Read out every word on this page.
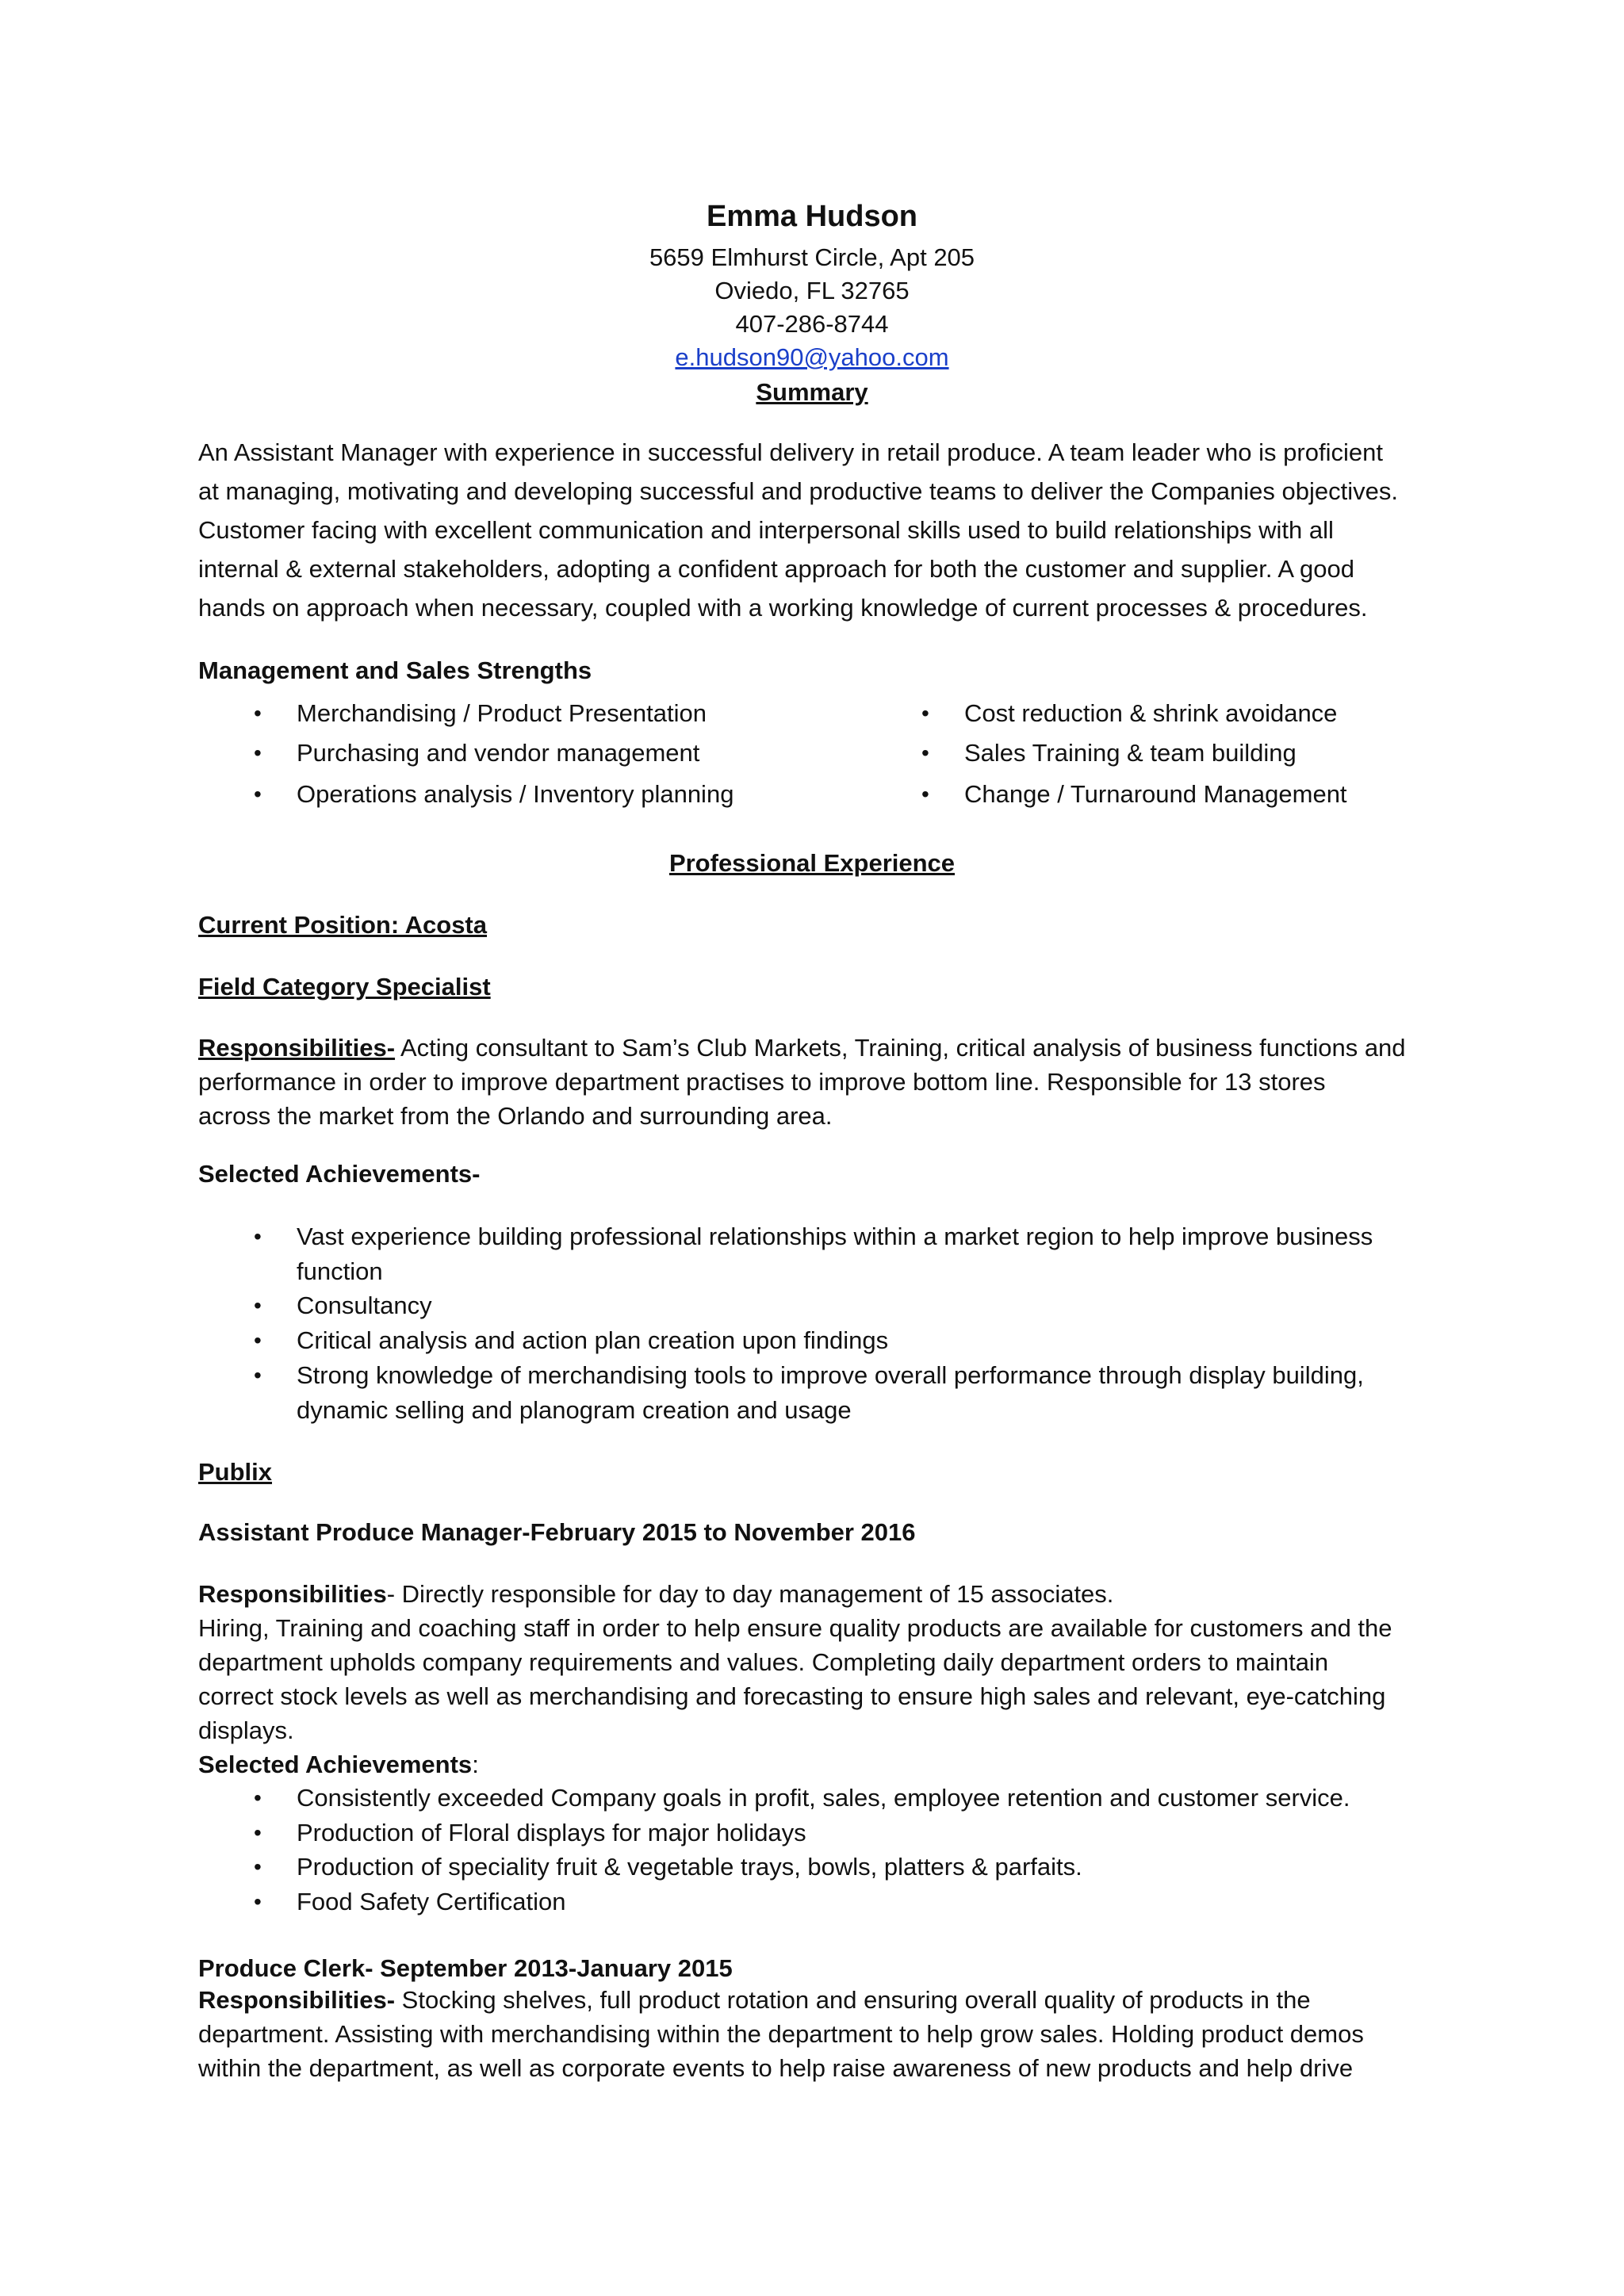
Emma Hudson
5659 Elmhurst Circle, Apt 205
Oviedo, FL 32765
407-286-8744
e.hudson90@yahoo.com
Summary
An Assistant Manager with experience in successful delivery in retail produce. A team leader who is proficient
at managing, motivating and developing successful and productive teams to deliver the Companies objectives.
Customer facing with excellent communication and interpersonal skills used to build relationships with all
internal & external stakeholders, adopting a confident approach for both the customer and supplier. A good
hands on approach when necessary, coupled with a working knowledge of current processes & procedures.
Management and Sales Strengths
• Merchandising / Product Presentation
• Purchasing and vendor management
• Operations analysis / Inventory planning
• Cost reduction & shrink avoidance
• Sales Training & team building
• Change / Turnaround Management
Professional Experience
Current Position: Acosta
Field Category Specialist
Responsibilities- Acting consultant to Sam’s Club Markets, Training, critical analysis of business functions and
performance in order to improve department practises to improve bottom line. Responsible for 13 stores
across the market from the Orlando and surrounding area.
Selected Achievements-
• Vast experience building professional relationships within a market region to help improve business
function
• Consultancy
• Critical analysis and action plan creation upon findings
• Strong knowledge of merchandising tools to improve overall performance through display building,
dynamic selling and planogram creation and usage
Publix
Assistant Produce Manager-February 2015 to November 2016
Responsibilities- Directly responsible for day to day management of 15 associates.
Hiring, Training and coaching staff in order to help ensure quality products are available for customers and the
department upholds company requirements and values. Completing daily department orders to maintain
correct stock levels as well as merchandising and forecasting to ensure high sales and relevant, eye-catching
displays.
Selected Achievements:
• Consistently exceeded Company goals in profit, sales, employee retention and customer service.
• Production of Floral displays for major holidays
• Production of speciality fruit & vegetable trays, bowls, platters & parfaits.
• Food Safety Certification
Produce Clerk- September 2013-January 2015
Responsibilities- Stocking shelves, full product rotation and ensuring overall quality of products in the
department. Assisting with merchandising within the department to help grow sales. Holding product demos
within the department, as well as corporate events to help raise awareness of new products and help drive
